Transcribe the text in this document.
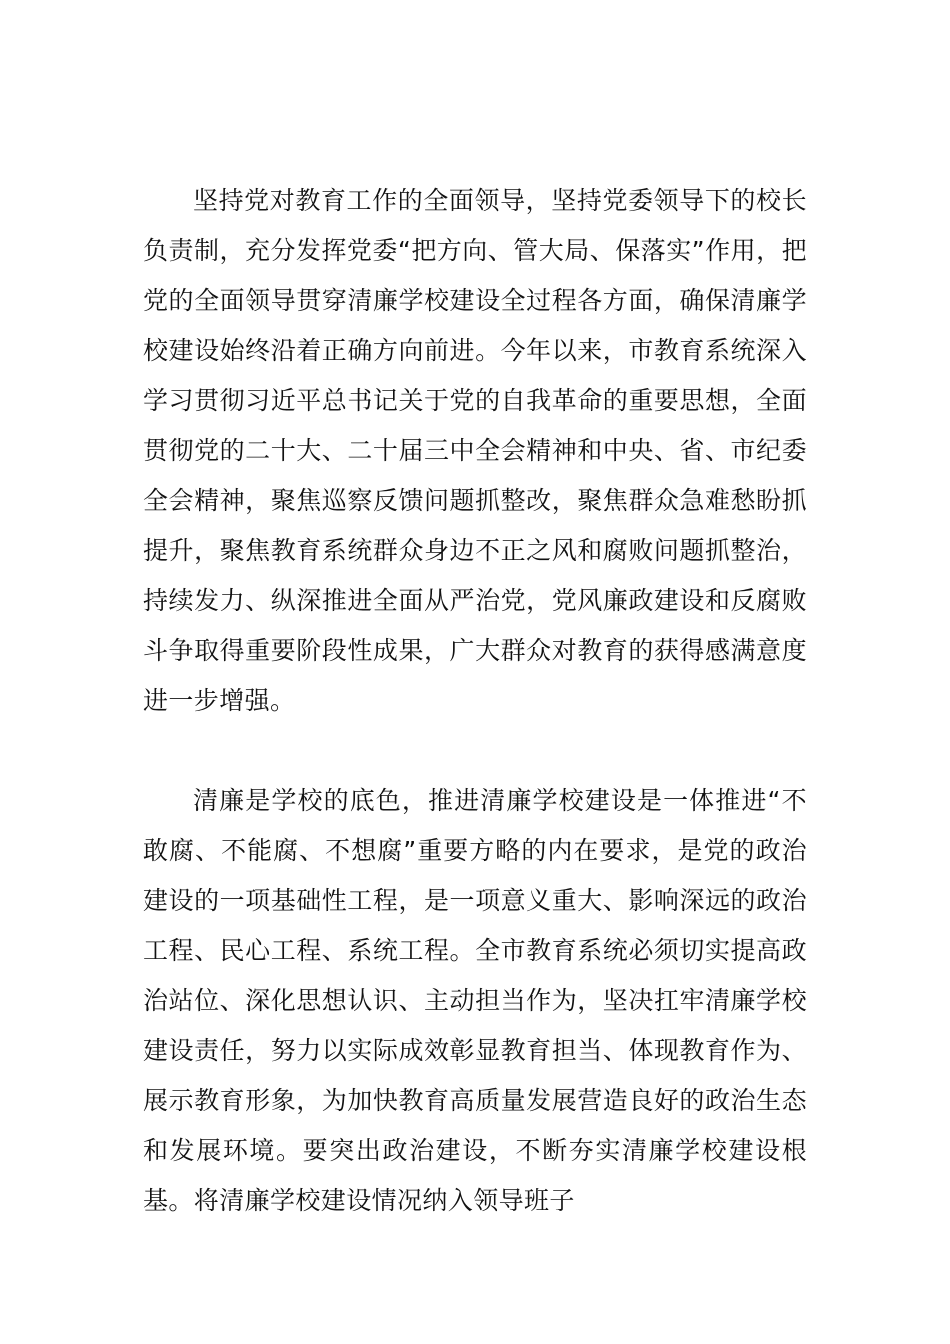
坚持党对教育工作的全面领导，坚持党委领导下的校长负责制，充分发挥党委“把方向、管大局、保落实”作用，把党的全面领导贯穿清廉学校建设全过程各方面，确保清廉学校建设始终沿着正确方向前进。今年以来，市教育系统深入学习贯彻习近平总书记关于党的自我革命的重要思想，全面贯彻党的二十大、二十届三中全会精神和中央、省、市纪委全会精神，聚焦巡察反馈问题抓整改，聚焦群众急难愁盼抓提升，聚焦教育系统群众身边不正之风和腐败问题抓整治，持续发力、纵深推进全面从严治党，党风廉政建设和反腐败斗争取得重要阶段性成果，广大群众对教育的获得感满意度进一步增强。

清廉是学校的底色，推进清廉学校建设是一体推进“不敢腐、不能腐、不想腐”重要方略的内在要求，是党的政治建设的一项基础性工程，是一项意义重大、影响深远的政治工程、民心工程、系统工程。全市教育系统必须切实提高政治站位、深化思想认识、主动担当作为，坚决扛牢清廉学校建设责任，努力以实际成效彰显教育担当、体现教育作为、展示教育形象，为加快教育高质量发展营造良好的政治生态和发展环境。要突出政治建设，不断夯实清廉学校建设根基。将清廉学校建设情况纳入领导班子
